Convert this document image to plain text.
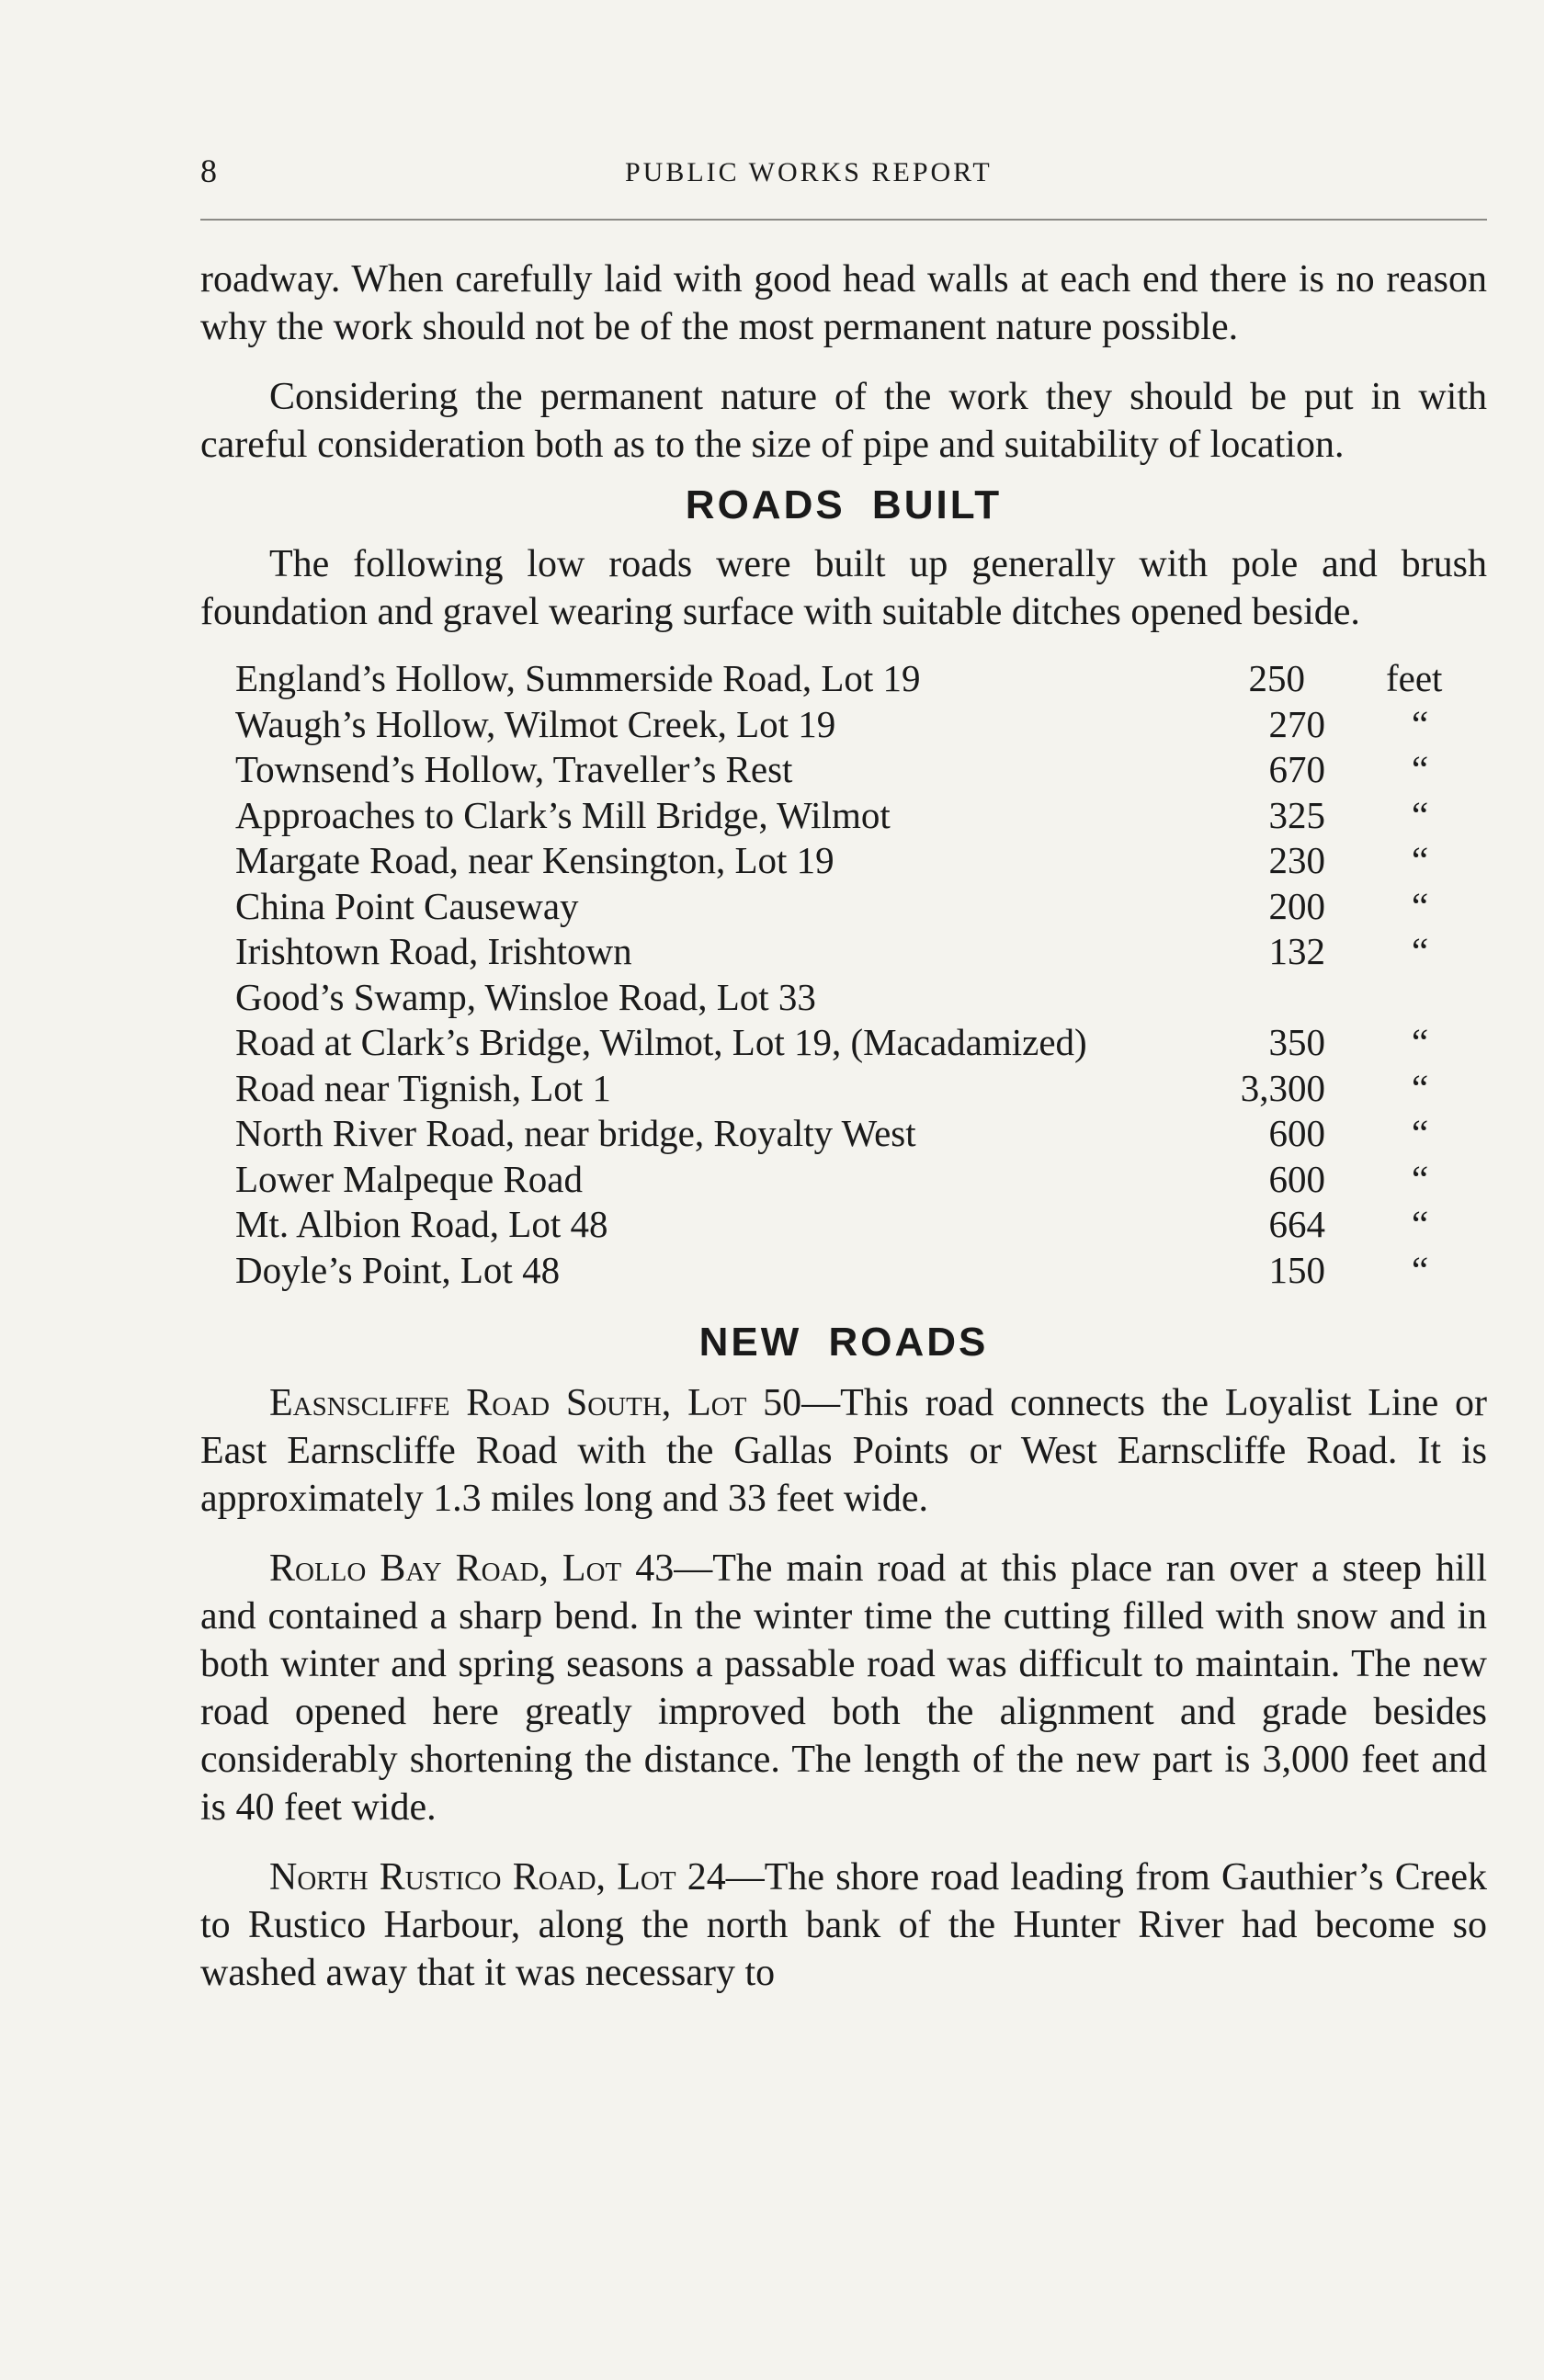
8	PUBLIC WORKS REPORT

roadway. When carefully laid with good head walls at each end there is no reason why the work should not be of the most permanent nature possible.

Considering the permanent nature of the work they should be put in with careful consideration both as to the size of pipe and suitability of location.

ROADS BUILT

The following low roads were built up generally with pole and brush foundation and gravel wearing surface with suitable ditches opened beside.

England’s Hollow, Summerside Road, Lot 19	250 feet
Waugh’s Hollow, Wilmot Creek, Lot 19	270 “
Townsend’s Hollow, Traveller’s Rest	670 “
Approaches to Clark’s Mill Bridge, Wilmot	325 “
Margate Road, near Kensington, Lot 19	230 “
China Point Causeway	200 “
Irishtown Road, Irishtown	132 “
Good’s Swamp, Winsloe Road, Lot 33
Road at Clark’s Bridge, Wilmot, Lot 19, (Macadamized)	350 “
Road near Tignish, Lot 1	3,300 “
North River Road, near bridge, Royalty West	600 “
Lower Malpeque Road	600 “
Mt. Albion Road, Lot 48	664 “
Doyle’s Point, Lot 48	150 “
NEW ROADS

Easnscliffe Road South, Lot 50—This road connects the Loyalist Line or East Earnscliffe Road with the Gallas Points or West Earnscliffe Road. It is approximately 1.3 miles long and 33 feet wide.

Rollo Bay Road, Lot 43—The main road at this place ran over a steep hill and contained a sharp bend. In the winter time the cutting filled with snow and in both winter and spring seasons a passable road was difficult to maintain. The new road opened here greatly improved both the alignment and grade besides considerably shortening the distance. The length of the new part is 3,000 feet and is 40 feet wide.

North Rustico Road, Lot 24—The shore road leading from Gauthier’s Creek to Rustico Harbour, along the north bank of the Hunter River had become so washed away that it was necessary to
